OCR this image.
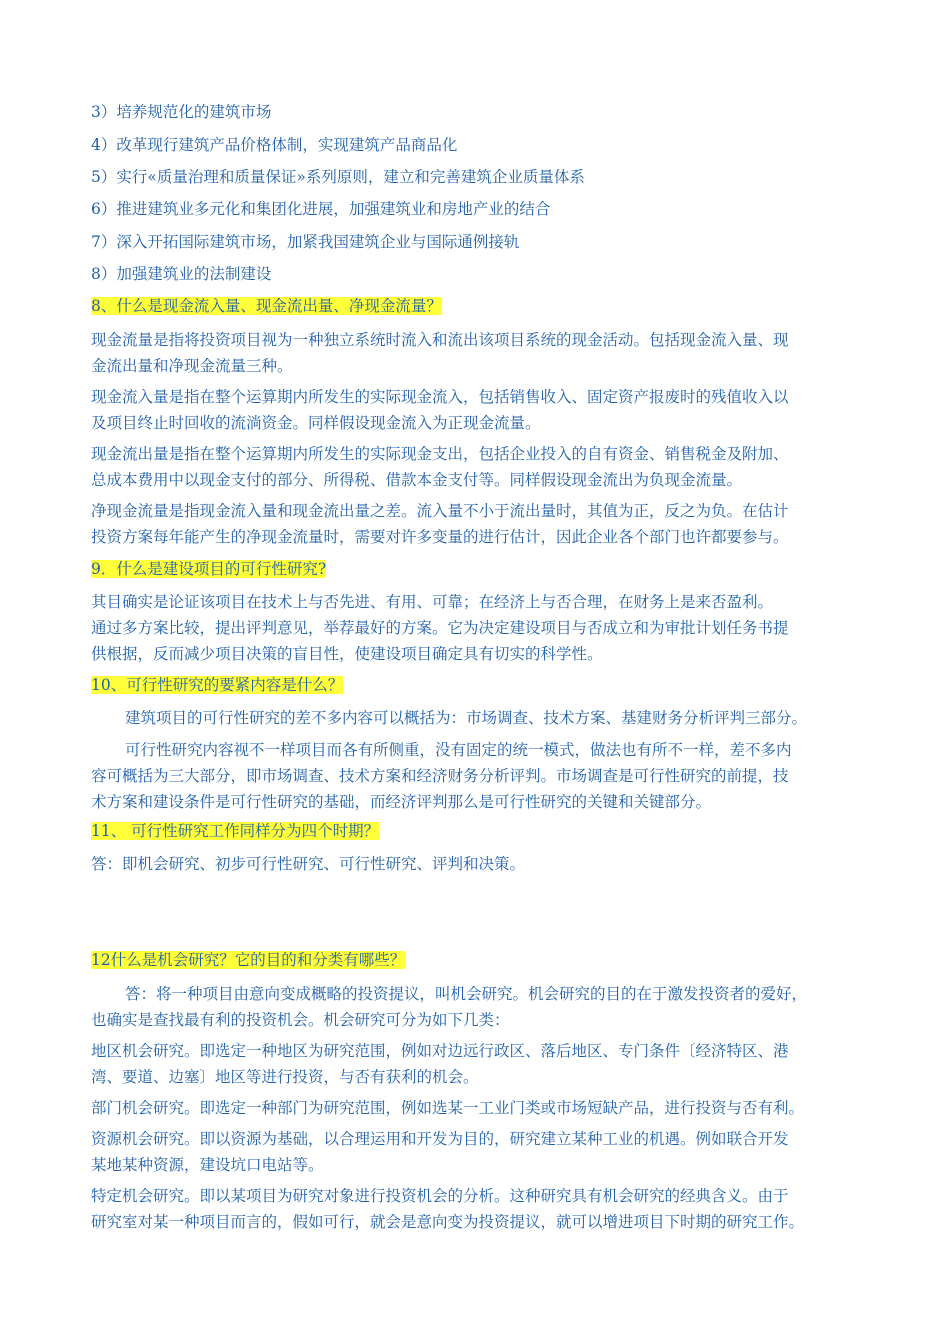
3）培养规范化的建筑市场
4）改革现行建筑产品价格体制，实现建筑产品商品化
5）实行«质量治理和质量保证»系列原则，建立和完善建筑企业质量体系
6）推进建筑业多元化和集团化进展，加强建筑业和房地产业的结合
7）深入开拓国际建筑市场，加紧我国建筑企业与国际通例接轨
8）加强建筑业的法制建设
8、什么是现金流入量、现金流出量、净现金流量？
现金流量是指将投资项目视为一种独立系统时流入和流出该项目系统的现金活动。包括现金流入量、现
金流出量和净现金流量三种。
现金流入量是指在整个运算期内所发生的实际现金流入，包括销售收入、固定资产报废时的残值收入以
及项目终止时回收的流淌资金。同样假设现金流入为正现金流量。
现金流出量是指在整个运算期内所发生的实际现金支出，包括企业投入的自有资金、销售税金及附加、
总成本费用中以现金支付的部分、所得税、借款本金支付等。同样假设现金流出为负现金流量。
净现金流量是指现金流入量和现金流出量之差。流入量不小于流出量时，其值为正，反之为负。在估计
投资方案每年能产生的净现金流量时，需要对许多变量的进行估计，因此企业各个部门也许都要参与。
9．什么是建设项目的可行性研究?
其目确实是论证该项目在技术上与否先进、有用、可靠；在经济上与否合理，在财务上是来否盈利。
通过多方案比较，提出评判意见，举荐最好的方案。它为决定建设项目与否成立和为审批计划任务书提
供根据，反而减少项目决策的盲目性，使建设项目确定具有切实的科学性。
10、可行性研究的要紧内容是什么？
建筑项目的可行性研究的差不多内容可以概括为：市场调查、技术方案、基建财务分析评判三部分。
可行性研究内容视不一样项目而各有所侧重，没有固定的统一模式，做法也有所不一样，差不多内
容可概括为三大部分，即市场调查、技术方案和经济财务分析评判。市场调查是可行性研究的前提，技
术方案和建设条件是可行性研究的基础，而经济评判那么是可行性研究的关键和关键部分。
11、 可行性研究工作同样分为四个时期？
答：即机会研究、初步可行性研究、可行性研究、评判和决策。
12什么是机会研究？它的目的和分类有哪些？
答：将一种项目由意向变成概略的投资提议，叫机会研究。机会研究的目的在于激发投资者的爱好，
也确实是查找最有利的投资机会。机会研究可分为如下几类：
地区机会研究。即选定一种地区为研究范围，例如对边远行政区、落后地区、专门条件〔经济特区、港
湾、要道、边塞〕地区等进行投资，与否有获利的机会。
部门机会研究。即选定一种部门为研究范围，例如选某一工业门类或市场短缺产品，进行投资与否有利。
资源机会研究。即以资源为基础，以合理运用和开发为目的，研究建立某种工业的机遇。例如联合开发
某地某种资源，建设坑口电站等。
特定机会研究。即以某项目为研究对象进行投资机会的分析。这种研究具有机会研究的经典含义。由于
研究室对某一种项目而言的，假如可行，就会是意向变为投资提议，就可以增进项目下时期的研究工作。
